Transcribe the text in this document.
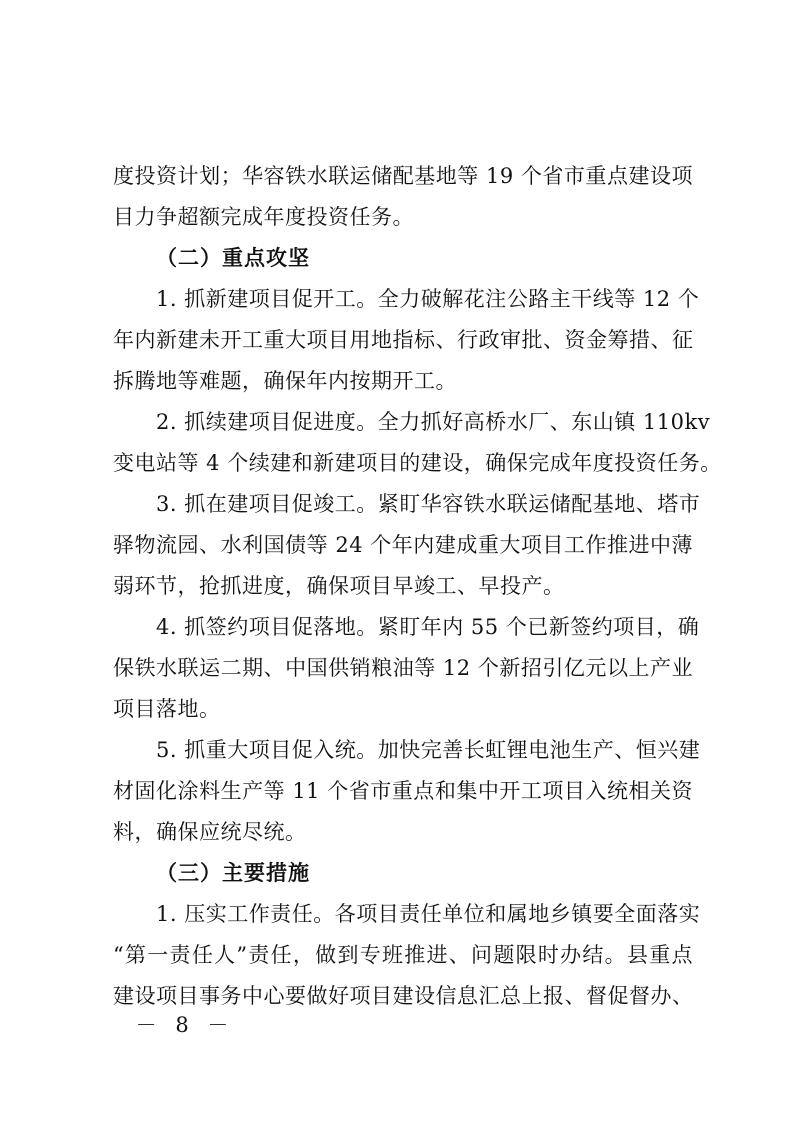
度投资计划；华容铁水联运储配基地等 19 个省市重点建设项
目力争超额完成年度投资任务。
（二）重点攻坚
1. 抓新建项目促开工。全力破解花注公路主干线等 12 个
年内新建未开工重大项目用地指标、行政审批、资金筹措、征
拆腾地等难题，确保年内按期开工。
2. 抓续建项目促进度。全力抓好高桥水厂、东山镇 110kv
变电站等 4 个续建和新建项目的建设，确保完成年度投资任务。
3. 抓在建项目促竣工。紧盯华容铁水联运储配基地、塔市
驿物流园、水利国债等 24 个年内建成重大项目工作推进中薄
弱环节，抢抓进度，确保项目早竣工、早投产。
4. 抓签约项目促落地。紧盯年内 55 个已新签约项目，确
保铁水联运二期、中国供销粮油等 12 个新招引亿元以上产业
项目落地。
5. 抓重大项目促入统。加快完善长虹锂电池生产、恒兴建
材固化涂料生产等 11 个省市重点和集中开工项目入统相关资
料，确保应统尽统。
（三）主要措施
1. 压实工作责任。各项目责任单位和属地乡镇要全面落实
“第一责任人”责任，做到专班推进、问题限时办结。县重点
建设项目事务中心要做好项目建设信息汇总上报、督促督办、
－ 8 －
